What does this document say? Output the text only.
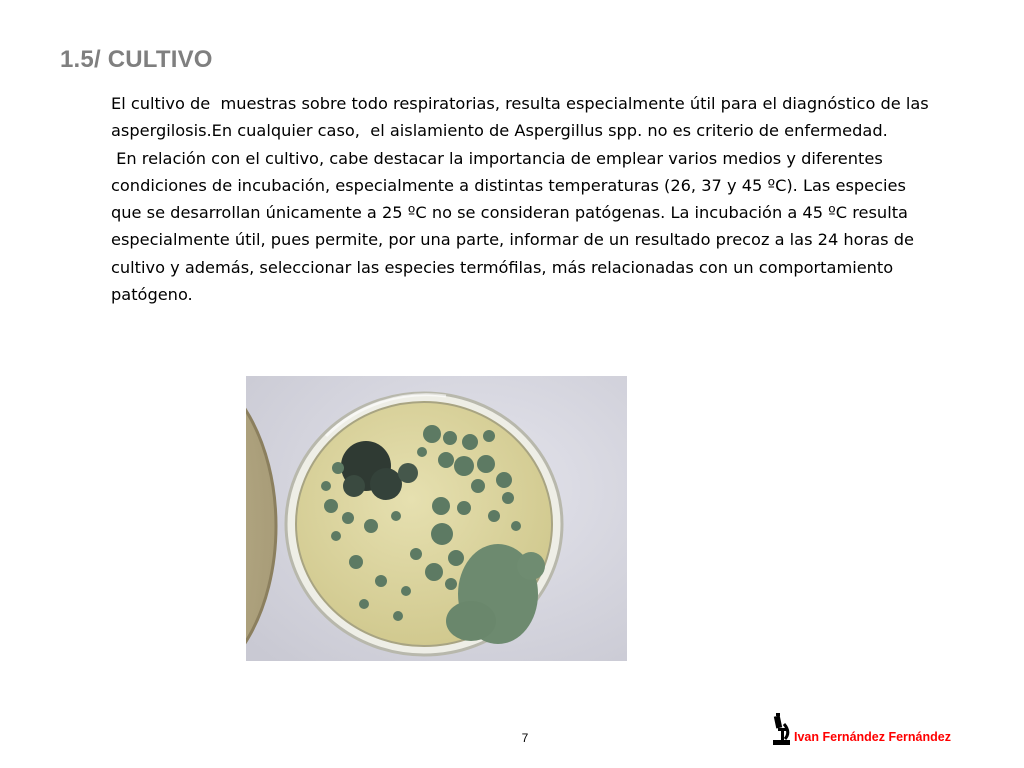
1.5/ CULTIVO

El cultivo de  muestras sobre todo respiratorias, resulta especialmente útil para el diagnóstico de las aspergilosis.En cualquier caso,  el aislamiento de Aspergillus spp. no es criterio de enfermedad.

En relación con el cultivo, cabe destacar la importancia de emplear varios medios y diferentes condiciones de incubación, especialmente a distintas temperaturas (26, 37 y 45 ºC). Las especies que se desarrollan únicamente a 25 ºC no se consideran patógenas. La incubación a 45 ºC resulta especialmente útil, pues permite, por una parte, informar de un resultado precoz a las 24 horas de cultivo y además, seleccionar las especies termófilas, más relacionadas con un comportamiento patógeno.

7	Ivan Fernández Fernández
